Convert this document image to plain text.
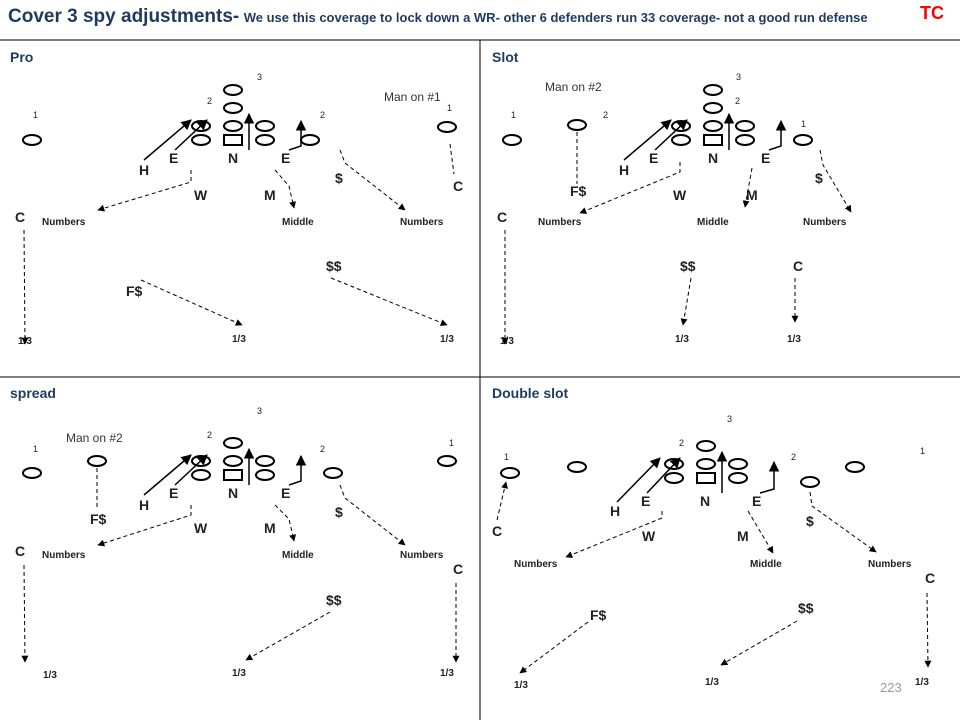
Cover 3 spy adjustments- We use this coverage to lock down a WR- other 6 defenders run 33 coverage- not a good run defense	TC
223
Pro
Man on #1
1
2
3
2
1
H
E	N	E
$	C
W	M
C
$$
F$
Numbers	Middle	Numbers
1/3	1/3	1/3
Slot
Man on #2
1	2
3
2
1
H
E	N	E
$
F$	W	M
C
$$	C
Numbers	Middle	Numbers
1/3	1/3	1/3
spread
Man on #2
1
2
3
2
1
H
E	N	E
$
F$
W	M
C
C
$$
Numbers	Middle	Numbers
1/3	1/3	1/3
Double slot
1
2
3
2
1
H
E	N	E
$
C	W	M
C
$$
F$
Numbers	Middle	Numbers
1/3	1/3	1/3
